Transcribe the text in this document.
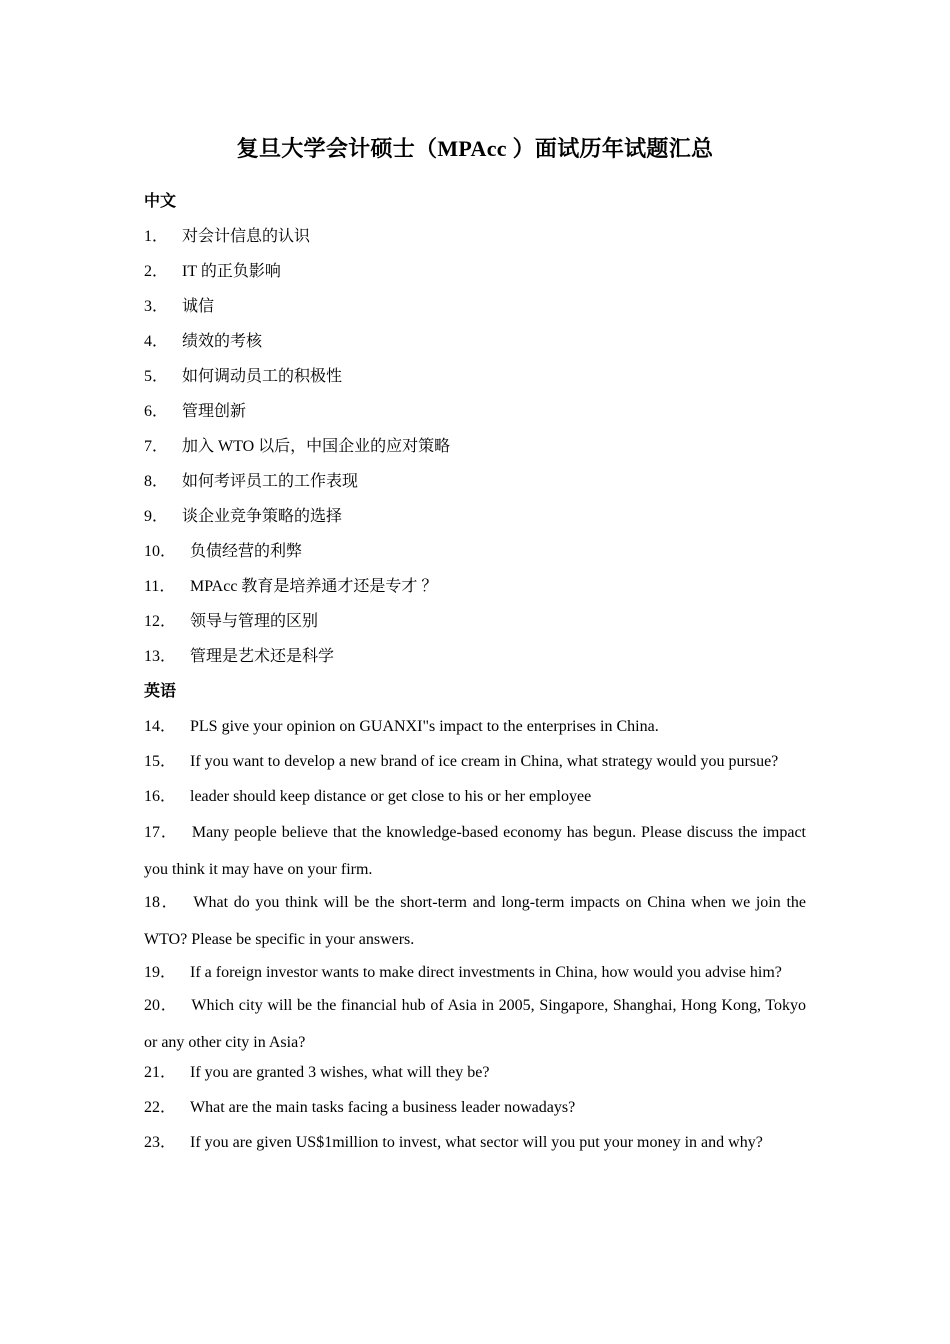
复旦大学会计硕士（MPAcc ）面试历年试题汇总
中文
1． 对会计信息的认识
2． IT 的正负影响
3． 诚信
4． 绩效的考核
5． 如何调动员工的积极性
6． 管理创新
7． 加入 WTO 以后，中国企业的应对策略
8． 如何考评员工的工作表现
9． 谈企业竞争策略的选择
10． 负债经营的利弊
11． MPAcc 教育是培养通才还是专才 ？
12． 领导与管理的区别
13． 管理是艺术还是科学
英语
14． PLS give your opinion on GUANXI"s impact to the enterprises in China.
15． If you want to develop a new brand of ice cream in China, what strategy would you pursue?
16． leader should keep distance or get close to his or her employee
17． Many people believe that the knowledge-based economy has begun. Please discuss the impact you think it may have on your firm.
18． What do you think will be the short-term and long-term impacts on China when we join the WTO? Please be specific in your answers.
19． If a foreign investor wants to make direct investments in China, how would you advise him?
20． Which city will be the financial hub of Asia in 2005, Singapore, Shanghai, Hong Kong, Tokyo or any other city in Asia?
21． If you are granted 3 wishes, what will they be?
22． What are the main tasks facing a business leader nowadays?
23． If you are given US$1million to invest, what sector will you put your money in and why?
